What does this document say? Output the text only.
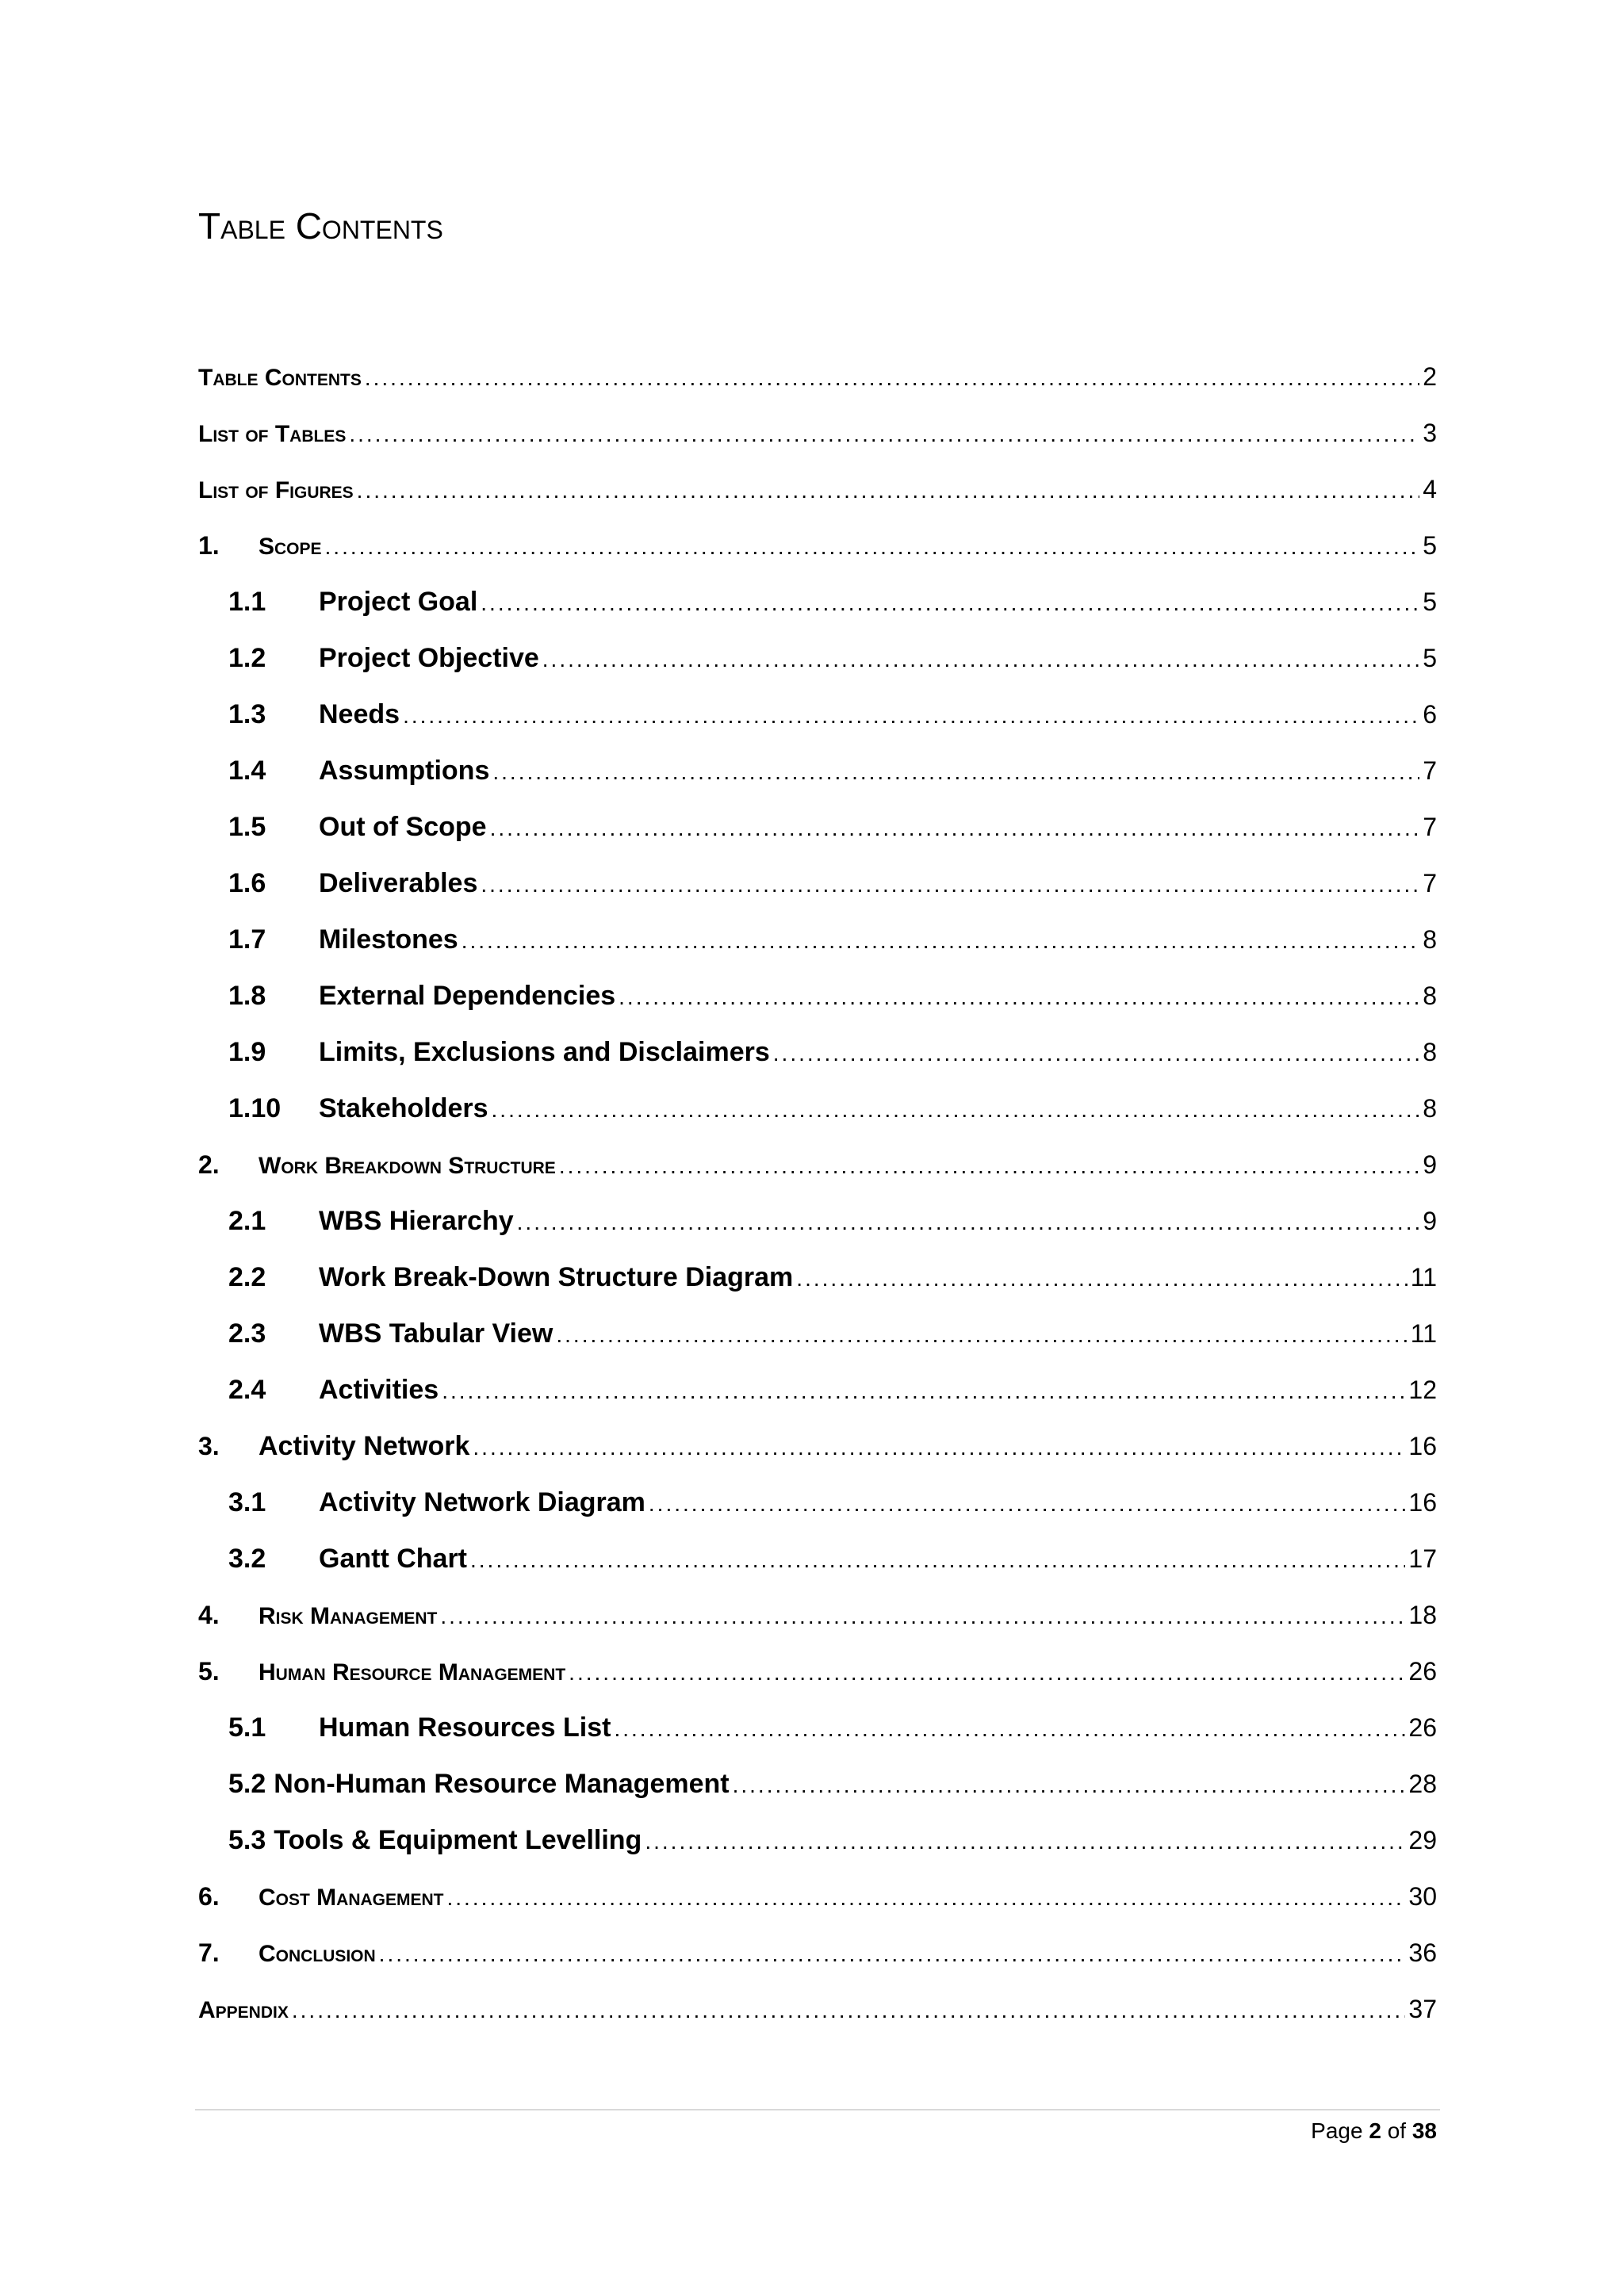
Table Contents
Table Contents .....	2
List of Tables .....	3
List of Figures .....	4
1.	Scope .....	5
1.1	Project Goal .....	5
1.2	Project Objective .....	5
1.3	Needs .....	6
1.4	Assumptions .....	7
1.5	Out of Scope .....	7
1.6	Deliverables .....	7
1.7	Milestones .....	8
1.8	External Dependencies .....	8
1.9	Limits, Exclusions and Disclaimers .....	8
1.10	Stakeholders .....	8
2.	Work Breakdown Structure .....	9
2.1	WBS Hierarchy .....	9
2.2	Work Break-Down Structure Diagram .....	11
2.3	WBS Tabular View .....	11
2.4	Activities .....	12
3.	Activity Network .....	16
3.1	Activity Network Diagram .....	16
3.2	Gantt Chart .....	17
4.	Risk Management .....	18
5.	Human Resource Management .....	26
5.1	Human Resources List .....	26
5.2 Non-Human Resource Management .....	28
5.3 Tools & Equipment Levelling .....	29
6.	Cost Management .....	30
7.	Conclusion .....	36
Appendix .....	37
Page 2 of 38
